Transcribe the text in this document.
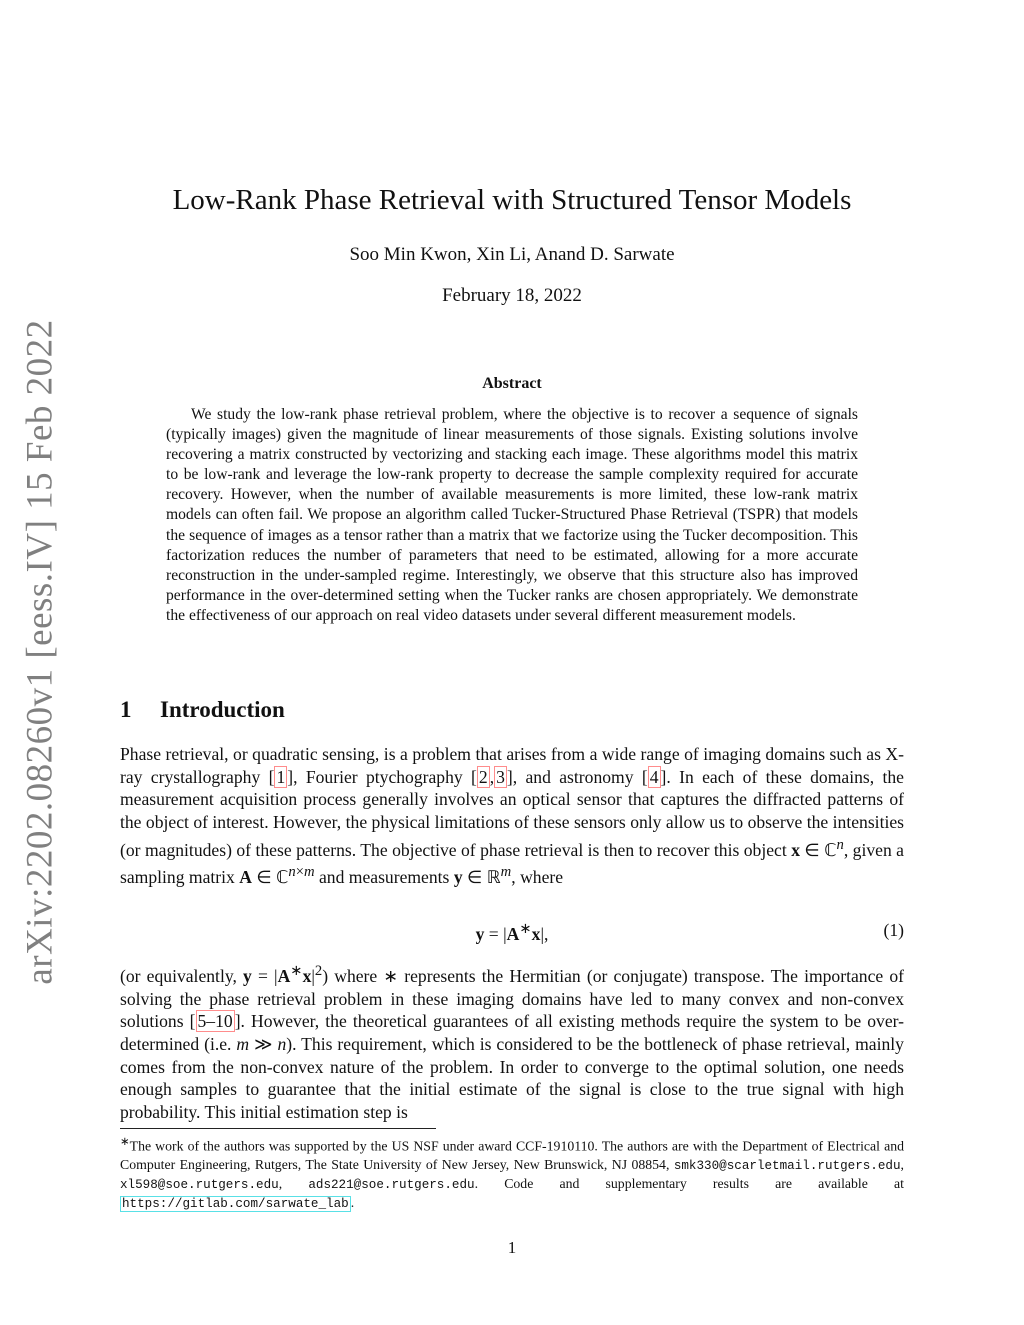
arXiv:2202.08260v1 [eess.IV] 15 Feb 2022
Low-Rank Phase Retrieval with Structured Tensor Models
Soo Min Kwon, Xin Li, Anand D. Sarwate
February 18, 2022
Abstract

We study the low-rank phase retrieval problem, where the objective is to recover a sequence of signals (typically images) given the magnitude of linear measurements of those signals. Existing solutions involve recovering a matrix constructed by vectorizing and stacking each image. These algorithms model this matrix to be low-rank and leverage the low-rank property to decrease the sample complexity required for accurate recovery. However, when the number of available measurements is more limited, these low-rank matrix models can often fail. We propose an algorithm called Tucker-Structured Phase Retrieval (TSPR) that models the sequence of images as a tensor rather than a matrix that we factorize using the Tucker decomposition. This factorization reduces the number of parameters that need to be estimated, allowing for a more accurate reconstruction in the under-sampled regime. Interestingly, we observe that this structure also has improved performance in the over-determined setting when the Tucker ranks are chosen appropriately. We demonstrate the effectiveness of our approach on real video datasets under several different measurement models.

1 Introduction

Phase retrieval, or quadratic sensing, is a problem that arises from a wide range of imaging domains such as X-ray crystallography [ 1 ], Fourier ptychography [ 2 , 3 ], and astronomy [ 4 ]. In each of these domains, the measurement acquisition process generally involves an optical sensor that captures the diffracted patterns of the object of interest. However, the physical limitations of these sensors only allow us to observe the intensities (or magnitudes) of these patterns. The objective of phase retrieval is then to recover this object x ∈ ℂ$^n$, given a sampling matrix A ∈ ℂ$^{n\times m}$ and measurements y ∈ ℝ$^m$, where

y = |A∗x|,	(1)

(or equivalently, $y = |A^∗x|^2$) where ∗ represents the Hermitian (or conjugate) transpose. The importance of solving the phase retrieval problem in these imaging domains have led to many convex and non-convex solutions [ 5–10 ]. However, the theoretical guarantees of all existing methods require the system to be over-determined (i.e. m ≫ n). This requirement, which is considered to be the bottleneck of phase retrieval, mainly comes from the non-convex nature of the problem. In order to converge to the optimal solution, one needs enough samples to guarantee that the initial estimate of the signal is close to the true signal with high probability. This initial estimation step is

∗The work of the authors was supported by the US NSF under award CCF-1910110. The authors are with the Department of Electrical and Computer Engineering, Rutgers, The State University of New Jersey, New Brunswick, NJ 08854, smk330@scarletmail.rutgers.edu, xl598@soe.rutgers.edu, ads221@soe.rutgers.edu. Code and supplementary results are available at https://gitlab.com/sarwate_lab .

1
